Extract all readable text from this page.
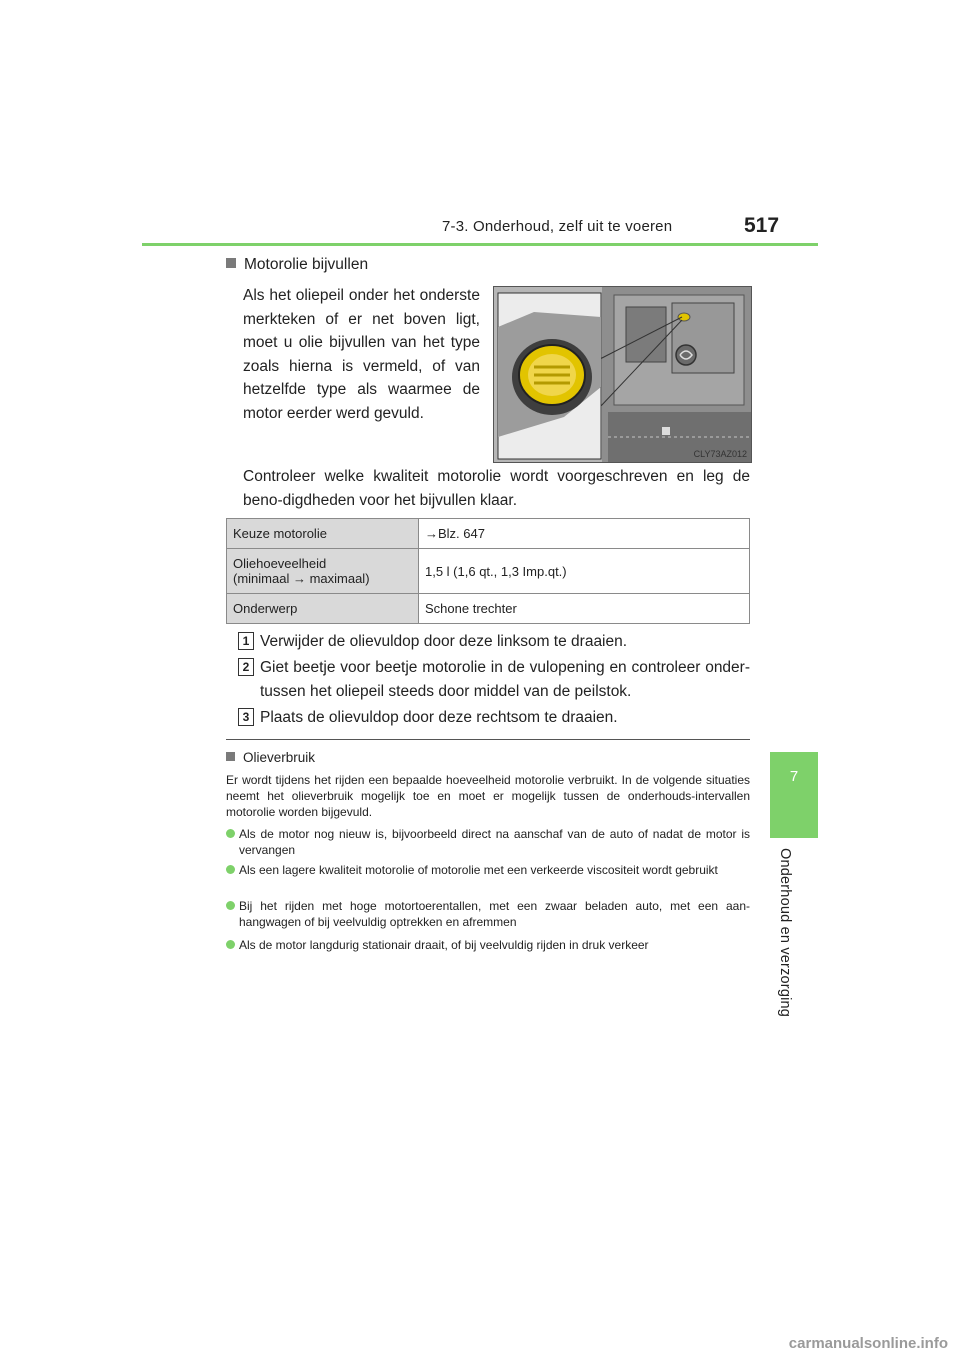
7-3. Onderhoud, zelf uit te voeren	517
7
Onderhoud en verzorging
Motorolie bijvullen
Als het oliepeil onder het onderste merkteken of er net boven ligt, moet u olie bijvullen van het type zoals hierna is vermeld, of van hetzelfde type als waarmee de motor eerder werd gevuld.
CLY73AZ012
Controleer welke kwaliteit motorolie wordt voorgeschreven en leg de beno-digdheden voor het bijvullen klaar.
Keuze motorolie	→Blz. 647
Oliehoeveelheid
(minimaal → maximaal)	1,5 l (1,6 qt., 1,3 Imp.qt.)
Onderwerp	Schone trechter
1 Verwijder de olievuldop door deze linksom te draaien.
2 Giet beetje voor beetje motorolie in de vulopening en controleer onder-tussen het oliepeil steeds door middel van de peilstok.
3 Plaats de olievuldop door deze rechtsom te draaien.
Olieverbruik
Er wordt tijdens het rijden een bepaalde hoeveelheid motorolie verbruikt. In de volgende situaties neemt het olieverbruik mogelijk toe en moet er mogelijk tussen de onderhouds-intervallen motorolie worden bijgevuld.
Als de motor nog nieuw is, bijvoorbeeld direct na aanschaf van de auto of nadat de motor is vervangen
Als een lagere kwaliteit motorolie of motorolie met een verkeerde viscositeit wordt gebruikt
Bij het rijden met hoge motortoerentallen, met een zwaar beladen auto, met een aan-hangwagen of bij veelvuldig optrekken en afremmen
Als de motor langdurig stationair draait, of bij veelvuldig rijden in druk verkeer
carmanualsonline.info
